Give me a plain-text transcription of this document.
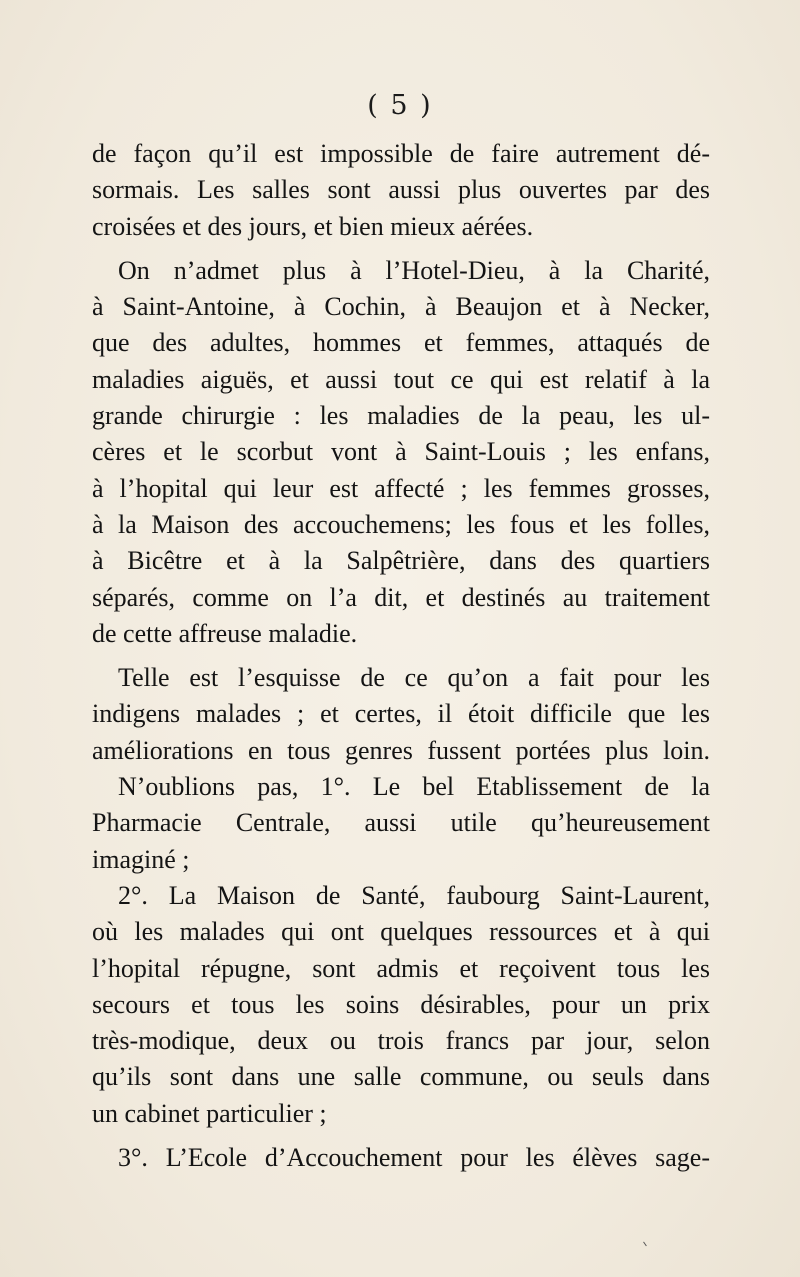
( 5 )
de façon qu’il est impossible de faire autrement dé-
sormais. Les salles sont aussi plus ouvertes par des
croisées et des jours, et bien mieux aérées.
On n’admet plus à l’Hotel-Dieu, à la Charité,
à Saint-Antoine, à Cochin, à Beaujon et à Necker,
que des adultes, hommes et femmes, attaqués de
maladies aiguës, et aussi tout ce qui est relatif à la
grande chirurgie : les maladies de la peau, les ul-
cères et le scorbut vont à Saint-Louis ; les enfans,
à l’hopital qui leur est affecté ; les femmes grosses,
à la Maison des accouchemens; les fous et les folles,
à Bicêtre et à la Salpêtrière, dans des quartiers
séparés, comme on l’a dit, et destinés au traitement
de cette affreuse maladie.
Telle est l’esquisse de ce qu’on a fait pour les
indigens malades ; et certes, il étoit difficile que les
améliorations en tous genres fussent portées plus loin.
N’oublions pas, 1°. Le bel Etablissement de la
Pharmacie Centrale, aussi utile qu’heureusement
imaginé ;
2°. La Maison de Santé, faubourg Saint-Laurent,
où les malades qui ont quelques ressources et à qui
l’hopital répugne, sont admis et reçoivent tous les
secours et tous les soins désirables, pour un prix
très-modique, deux ou trois francs par jour, selon
qu’ils sont dans une salle commune, ou seuls dans
un cabinet particulier ;
3°. L’Ecole d’Accouchement pour les élèves sage-
